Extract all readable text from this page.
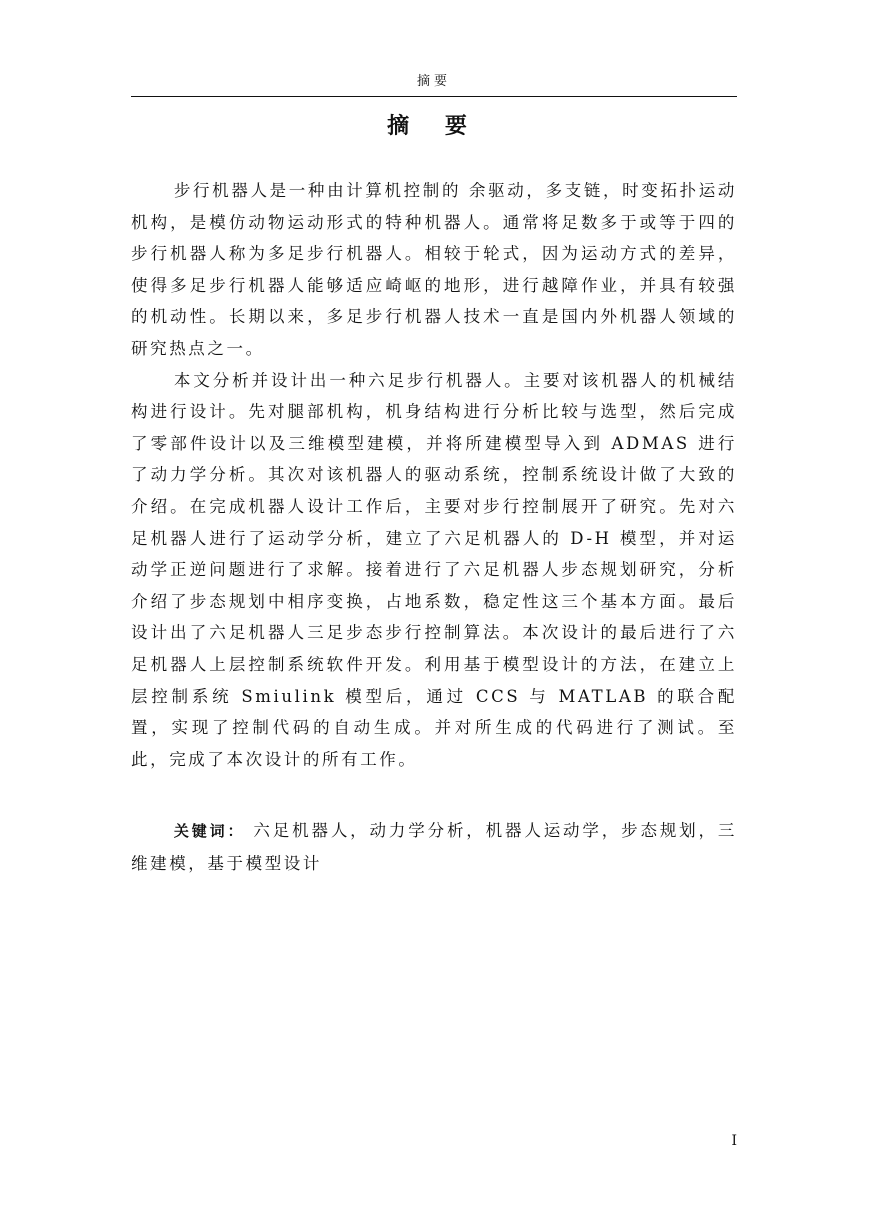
摘要
摘 要

步行机器人是一种由计算机控制的 余驱动，多支链，时变拓扑运动机构，是模仿动物运动形式的特种机器人。通常将足数多于或等于四的步行机器人称为多足步行机器人。相较于轮式，因为运动方式的差异，使得多足步行机器人能够适应崎岖的地形，进行越障作业，并具有较强的机动性。长期以来，多足步行机器人技术一直是国内外机器人领域的研究热点之一。

本文分析并设计出一种六足步行机器人。主要对该机器人的机械结构进行设计。先对腿部机构，机身结构进行分析比较与选型，然后完成了零部件设计以及三维模型建模，并将所建模型导入到 ADMAS 进行了动力学分析。其次对该机器人的驱动系统，控制系统设计做了大致的介绍。在完成机器人设计工作后，主要对步行控制展开了研究。先对六足机器人进行了运动学分析，建立了六足机器人的 D-H 模型，并对运动学正逆问题进行了求解。接着进行了六足机器人步态规划研究，分析介绍了步态规划中相序变换，占地系数，稳定性这三个基本方面。最后设计出了六足机器人三足步态步行控制算法。本次设计的最后进行了六足机器人上层控制系统软件开发。利用基于模型设计的方法，在建立上层控制系统 Smiulink 模型后，通过 CCS 与 MATLAB 的联合配置，实现了控制代码的自动生成。并对所生成的代码进行了测试。至此，完成了本次设计的所有工作。

关键词： 六足机器人，动力学分析，机器人运动学，步态规划，三维建模，基于模型设计

I
